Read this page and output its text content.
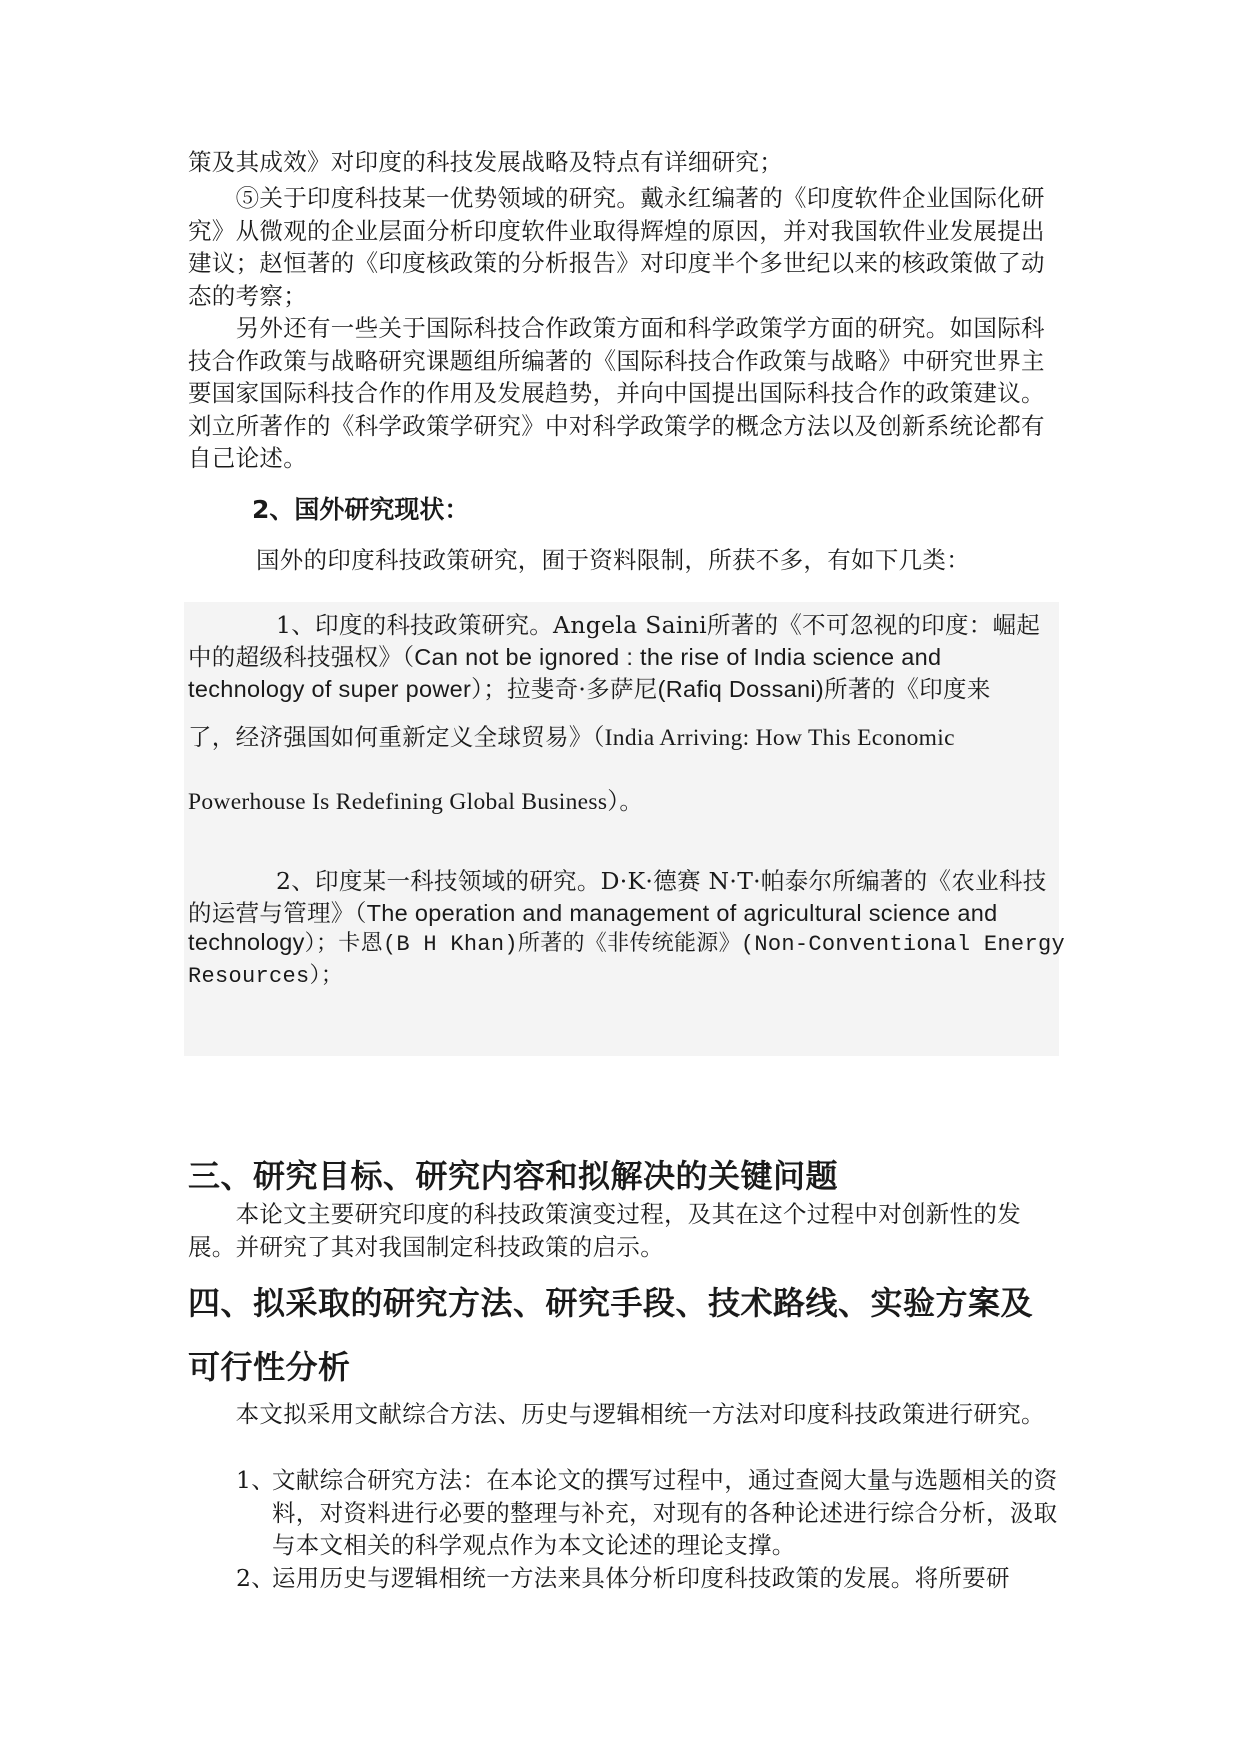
策及其成效》对印度的科技发展战略及特点有详细研究；
　　⑤关于印度科技某一优势领域的研究。戴永红编著的《印度软件企业国际化研究》从微观的企业层面分析印度软件业取得辉煌的原因，并对我国软件业发展提出建议；赵恒著的《印度核政策的分析报告》对印度半个多世纪以来的核政策做了动态的考察；
　　另外还有一些关于国际科技合作政策方面和科学政策学方面的研究。如国际科技合作政策与战略研究课题组所编著的《国际科技合作政策与战略》中研究世界主要国家国际科技合作的作用及发展趋势，并向中国提出国际科技合作的政策建议。刘立所著作的《科学政策学研究》中对科学政策学的概念方法以及创新系统论都有自己论述。
2、国外研究现状：
国外的印度科技政策研究，囿于资料限制，所获不多，有如下几类：
1、印度的科技政策研究。Angela Saini所著的《不可忽视的印度：崛起
中的超级科技强权》（Can not be ignored : the rise of India science and
technology of super power）；拉斐奇·多萨尼(Rafiq Dossani)所著的《印度来
了，经济强国如何重新定义全球贸易》（India Arriving: How This Economic
Powerhouse Is Redefining Global Business）。
2、印度某一科技领域的研究。D·K·德赛 N·T·帕泰尔所编著的《农业科技
的运营与管理》（The operation and management of agricultural science and
technology）；卡恩(B H Khan)所著的《非传统能源》(Non-Conventional Energy
Resources）；
三、研究目标、研究内容和拟解决的关键问题
　　本论文主要研究印度的科技政策演变过程，及其在这个过程中对创新性的发展。并研究了其对我国制定科技政策的启示。
四、拟采取的研究方法、研究手段、技术路线、实验方案及
可行性分析
　　本文拟采用文献综合方法、历史与逻辑相统一方法对印度科技政策进行研究。
1、
文献综合研究方法：在本论文的撰写过程中，通过查阅大量与选题相关的资料，对资料进行必要的整理与补充，对现有的各种论述进行综合分析，汲取与本文相关的科学观点作为本文论述的理论支撑。
2、
运用历史与逻辑相统一方法来具体分析印度科技政策的发展。将所要研
